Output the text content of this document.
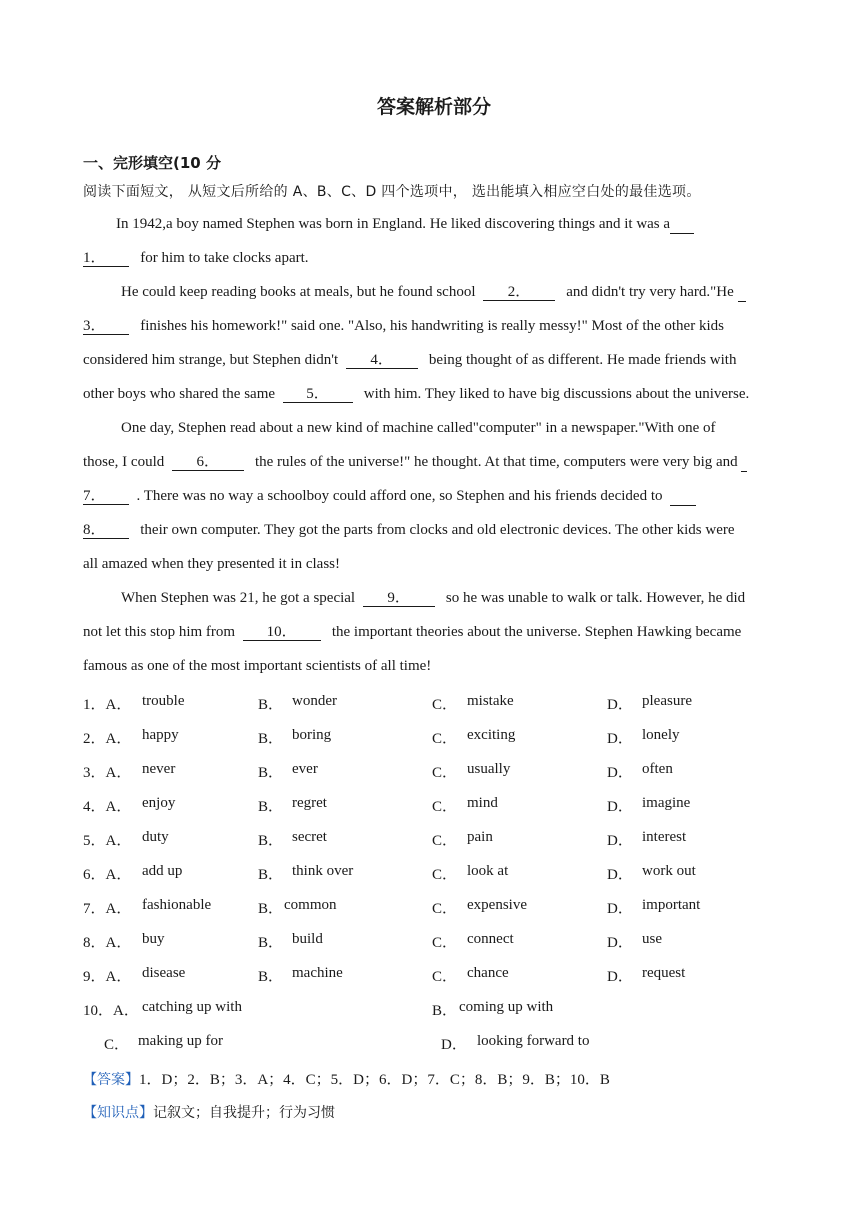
答案解析部分
一、完形填空(10 分
阅读下面短文， 从短文后所给的 A、B、C、D 四个选项中， 选出能填入相应空白处的最佳选项。
In 1942,a boy named Stephen was born in England. He liked discovering things and it was a
1． for him to take clocks apart.
He could keep reading books at meals, but he found school 2． and didn't try very hard."He
3． finishes his homework!" said one. "Also, his handwriting is really messy!" Most of the other kids
considered him strange, but Stephen didn't 4． being thought of as different. He made friends with
other boys who shared the same 5． with him. They liked to have big discussions about the universe.
One day, Stephen read about a new kind of machine called"computer" in a newspaper."With one of
those, I could 6． the rules of the universe!" he thought. At that time, computers were very big and
7． . There was no way a schoolboy could afford one, so Stephen and his friends decided to
8． their own computer. They got the parts from clocks and old electronic devices. The other kids were
all amazed when they presented it in class!
When Stephen was 21, he got a special 9． so he was unable to walk or talk. However, he did
not let this stop him from 10． the important theories about the universe. Stephen Hawking became
famous as one of the most important scientists of all time!
1．A． trouble	B． wonder	C． mistake	D． pleasure
2．A． happy	B． boring	C． exciting	D． lonely
3．A． never	B． ever	C． usually	D． often
4．A． enjoy	B． regret	C． mind	D． imagine
5．A． duty	B． secret	C． pain	D． interest
6．A． add up	B． think over	C． look at	D． work out
7．A． fashionable	B． common	C． expensive	D． important
8．A． buy	B． build	C． connect	D． use
9．A． disease	B． machine	C． chance	D． request
10．A． catching up with	B． coming up with
C． making up for	D． looking forward to
【答案】1．D；2．B；3．A；4．C；5．D；6．D；7．C；8．B；9．B；10．B
【知识点】记叙文；自我提升；行为习惯
